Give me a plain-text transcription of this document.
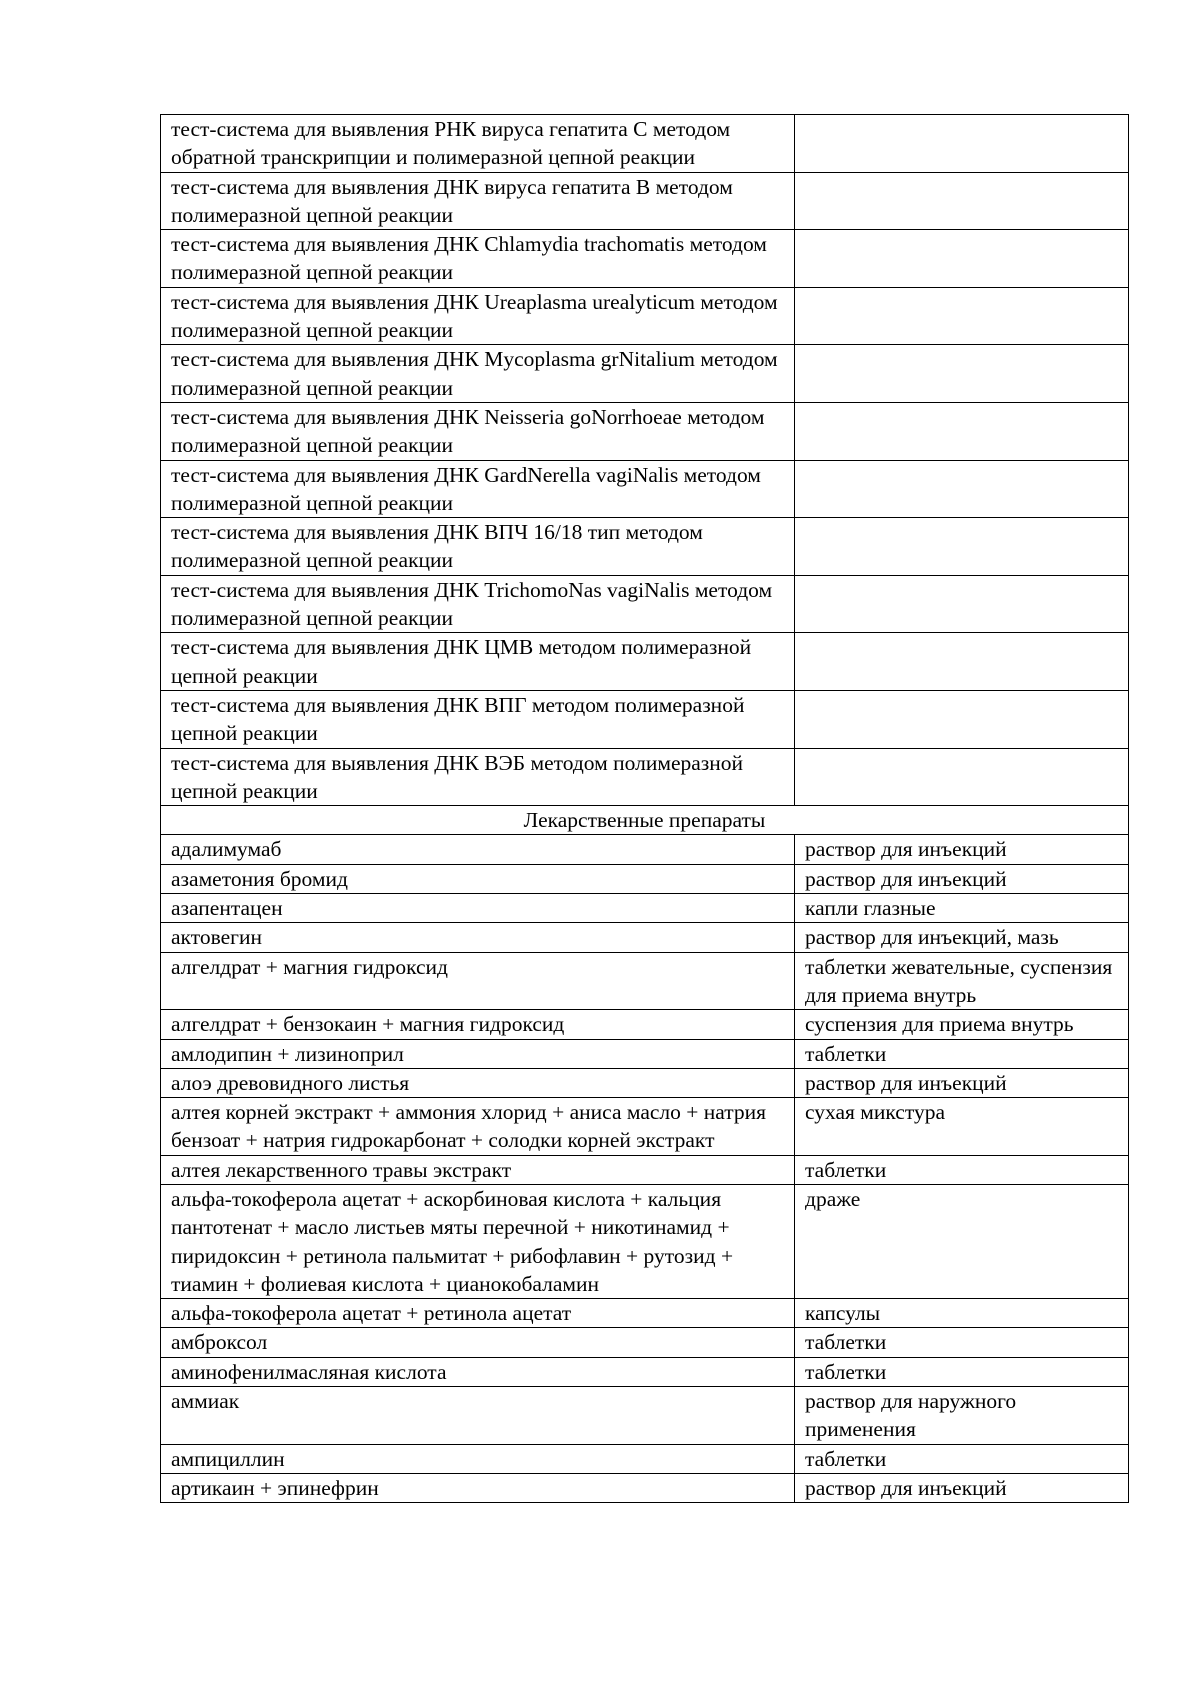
тест-система для выявления РНК вируса гепатита С методом обратной транскрипции и полимеразной цепной реакции	
тест-система для выявления ДНК вируса гепатита В методом полимеразной цепной реакции	
тест-система для выявления ДНК Chlamydia trachomatis методом полимеразной цепной реакции	
тест-система для выявления ДНК Ureaplasma urealyticum методом полимеразной цепной реакции	
тест-система для выявления ДНК Mycoplasma grNitalium методом полимеразной цепной реакции	
тест-система для выявления ДНК Neisseria goNorrhoeae методом полимеразной цепной реакции	
тест-система для выявления ДНК GardNerella vagiNalis методом полимеразной цепной реакции	
тест-система для выявления ДНК ВПЧ 16/18 тип методом полимеразной цепной реакции	
тест-система для выявления ДНК TrichomoNas vagiNalis методом полимеразной цепной реакции	
тест-система для выявления ДНК ЦМВ методом полимеразной цепной реакции	
тест-система для выявления ДНК ВПГ методом полимеразной цепной реакции	
тест-система для выявления ДНК ВЭБ методом полимеразной цепной реакции	
Лекарственные препараты	
адалимумаб	раствор для инъекций
азаметония бромид	раствор для инъекций
азапентацен	капли глазные
актовегин	раствор для инъекций, мазь
алгелдрат + магния гидроксид	таблетки жевательные, суспензия для приема внутрь
алгелдрат + бензокаин + магния гидроксид	суспензия для приема внутрь
амлодипин + лизиноприл	таблетки
алоэ древовидного листья	раствор для инъекций
алтея корней экстракт + аммония хлорид + аниса масло + натрия бензоат + натрия гидрокарбонат + солодки корней экстракт	сухая микстура
алтея лекарственного травы экстракт	таблетки
альфа-токоферола ацетат + аскорбиновая кислота + кальция пантотенат + масло листьев мяты перечной + никотинамид + пиридоксин + ретинола пальмитат + рибофлавин + рутозид + тиамин + фолиевая кислота + цианокобаламин	драже
альфа-токоферола ацетат + ретинола ацетат	капсулы
амброксол	таблетки
аминофенилмасляная кислота	таблетки
аммиак	раствор для наружного применения
ампициллин	таблетки
артикаин + эпинефрин	раствор для инъекций
